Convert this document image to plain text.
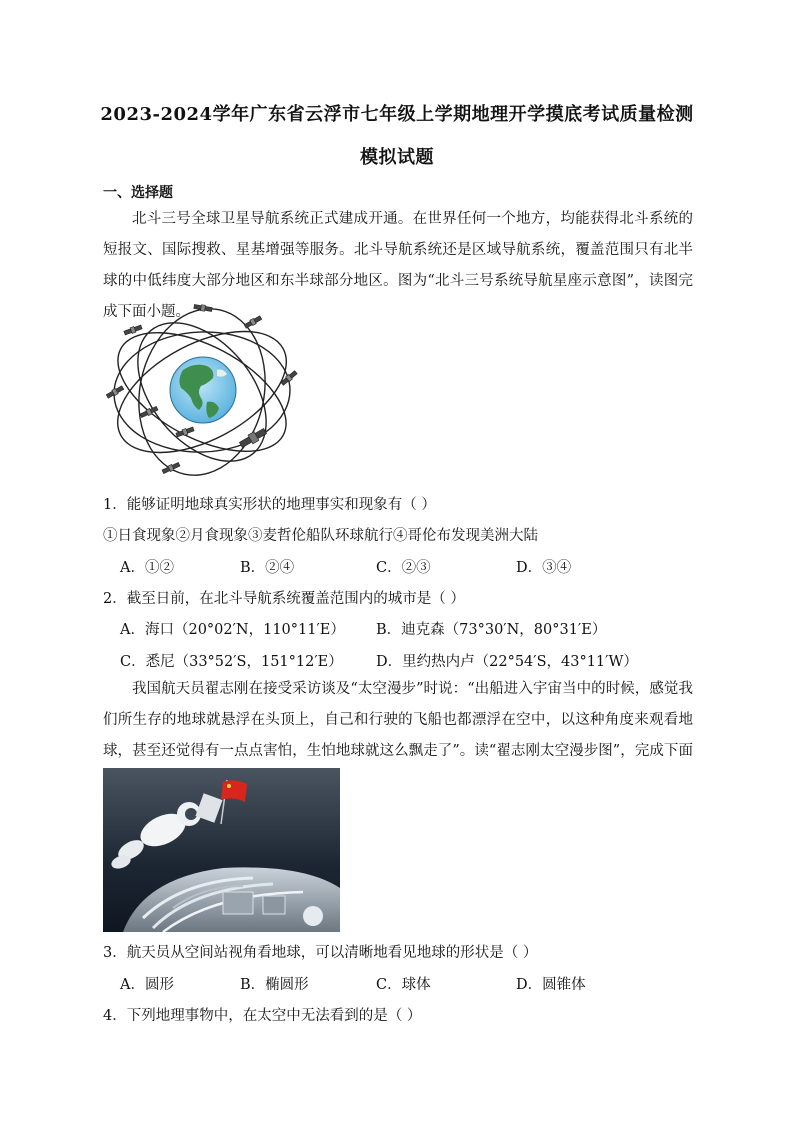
2023-2024学年广东省云浮市七年级上学期地理开学摸底考试质量检测
模拟试题
一、选择题
北斗三号全球卫星导航系统正式建成开通。在世界任何一个地方，均能获得北斗系统的短报文、国际搜救、星基增强等服务。北斗导航系统还是区域导航系统，覆盖范围只有北半球的中低纬度大部分地区和东半球部分地区。图为“北斗三号系统导航星座示意图”，读图完成下面小题。
1．能够证明地球真实形状的地理事实和现象有（ ）
①日食现象②月食现象③麦哲伦船队环球航行④哥伦布发现美洲大陆
A．①②	B．②④	C．②③	D．③④
2．截至日前，在北斗导航系统覆盖范围内的城市是（ ）
A．海口（20°02′N，110°11′E） B．迪克森（73°30′N，80°31′E）
C．悉尼（33°52′S，151°12′E） D．里约热内卢（22°54′S，43°11′W）
我国航天员翟志刚在接受采访谈及“太空漫步”时说：“出船进入宇宙当中的时候，感觉我们所生存的地球就悬浮在头顶上，自己和行驶的飞船也都漂浮在空中，以这种角度来观看地球，甚至还觉得有一点点害怕，生怕地球就这么飘走了”。读“翟志刚太空漫步图”，完成下面
3．航天员从空间站视角看地球，可以清晰地看见地球的形状是（ ）
A．圆形	B．椭圆形	C．球体	D．圆锥体
4．下列地理事物中，在太空中无法看到的是（ ）
